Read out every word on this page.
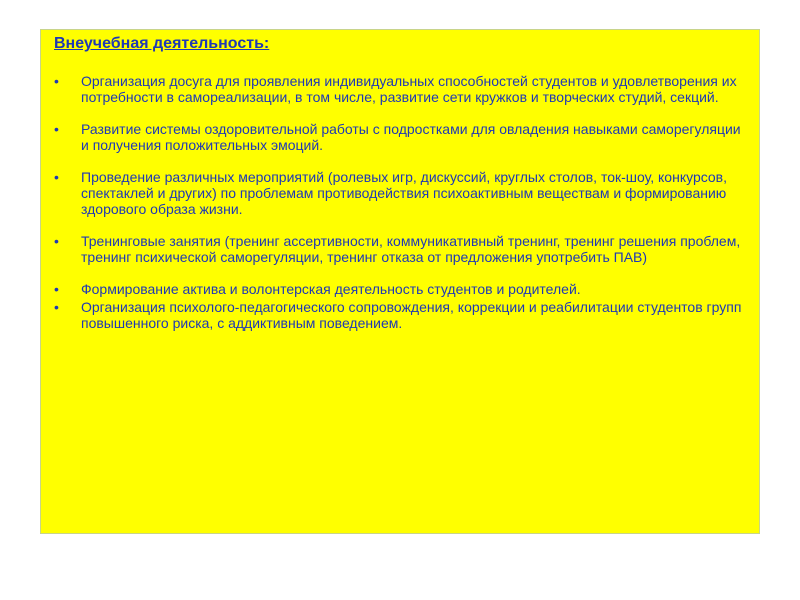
Внеучебная деятельность:
•	Организация досуга для проявления индивидуальных способностей студентов и удовлетворения их потребности в самореализации, в том числе, развитие сети кружков и творческих студий, секций.
•	Развитие системы оздоровительной работы с подростками для овладения навыками саморегуляции и получения положительных эмоций.
•	Проведение различных мероприятий (ролевых игр, дискуссий, круглых столов, ток-шоу, конкурсов, спектаклей и других) по проблемам противодействия психоактивным веществам и формированию здорового образа жизни.
•	Тренинговые занятия (тренинг ассертивности, коммуникативный тренинг, тренинг решения проблем, тренинг психической саморегуляции, тренинг отказа от предложения употребить ПАВ)
•	Формирование актива и волонтерская деятельность студентов и родителей.
•	Организация психолого-педагогического сопровождения, коррекции и реабилитации студентов групп повышенного риска, с аддиктивным поведением.
